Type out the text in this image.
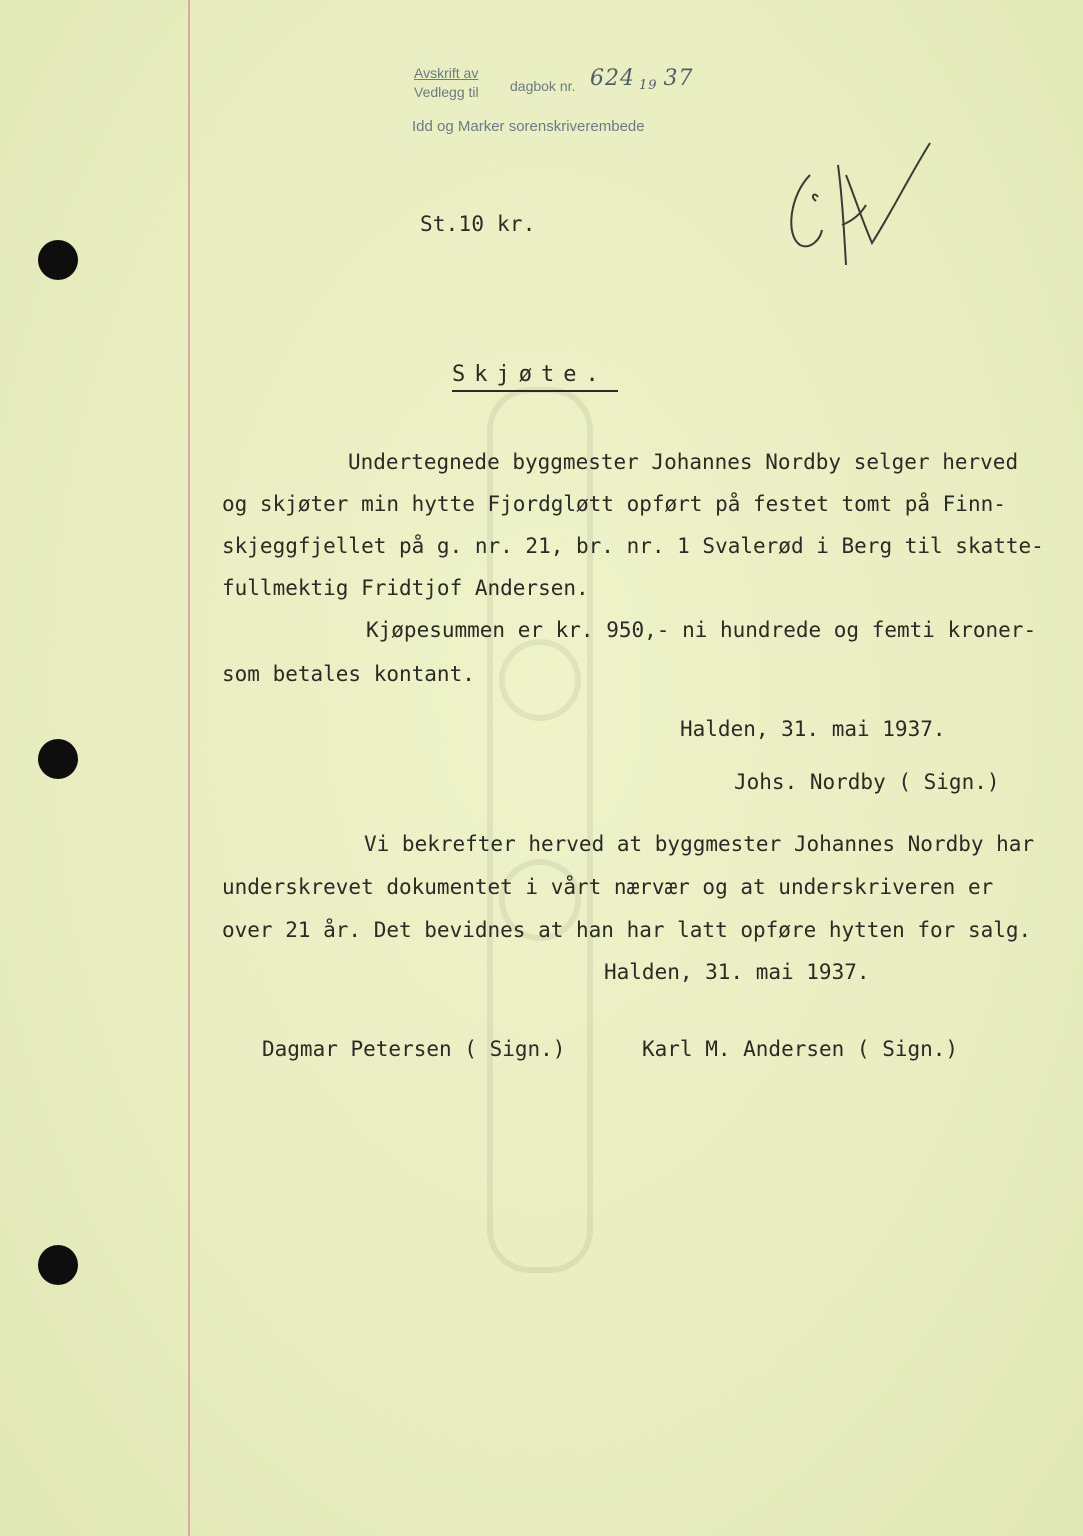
Avskrift av
Vedlegg til dagbok nr. 624 19 37
Idd og Marker sorenskriverembede
St.10 kr.
Skjøte.
Undertegnede byggmester Johannes Nordby selger herved
og skjøter min hytte Fjordgløtt opført på festet tomt på Finn-
skjeggfjellet på g. nr. 21, br. nr. 1 Svalerød i Berg til skatte-
fullmektig Fridtjof Andersen.
Kjøpesummen er kr. 950,- ni hundrede og femti kroner-
som betales kontant.
Halden, 31. mai 1937.
Johs. Nordby ( Sign.)
Vi bekrefter herved at byggmester Johannes Nordby har
underskrevet dokumentet i vårt nærvær og at underskriveren er
over 21 år. Det bevidnes at han har latt opføre hytten for salg.
Halden, 31. mai 1937.
Dagmar Petersen ( Sign.)	Karl M. Andersen ( Sign.)
